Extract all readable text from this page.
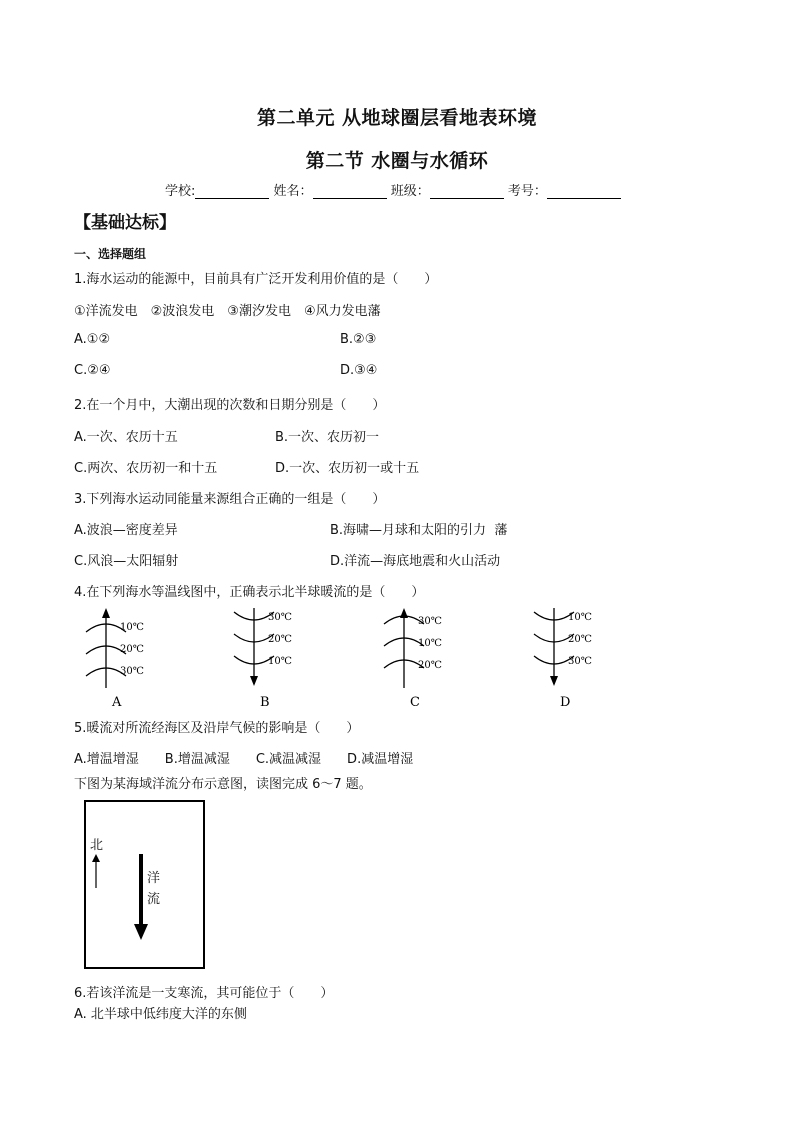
第二单元 从地球圈层看地表环境
第二节 水圈与水循环
学校:	姓名：	班级：	考号：
【基础达标】
一、选择题组
1.海水运动的能源中，目前具有广泛开发利用价值的是（　　）
①洋流发电　②波浪发电　③潮汐发电　④风力发电藩
A.①②	B.②③
C.②④	D.③④
2.在一个月中，大潮出现的次数和日期分别是（　　）
A.一次、农历十五	B.一次、农历初一
C.两次、农历初一和十五	D.一次、农历初一或十五
3.下列海水运动同能量来源组合正确的一组是（　　）
A.波浪—密度差异	B.海啸—月球和太阳的引力 藩
C.风浪—太阳辐射	D.洋流—海底地震和火山活动
4.在下列海水等温线图中，正确表示北半球暖流的是（　　）
10℃
20℃
30℃
A
30℃
20℃
10℃
B
30℃
10℃
20℃
C
10℃
20℃
30℃
D
5.暖流对所流经海区及沿岸气候的影响是（　　）
A.增温增湿　　B.增温减湿　　C.减温减湿　　D.减温增湿
下图为某海域洋流分布示意图，读图完成 6～7 题。
北
洋
流
6.若该洋流是一支寒流，其可能位于（　　）
A. 北半球中低纬度大洋的东侧
